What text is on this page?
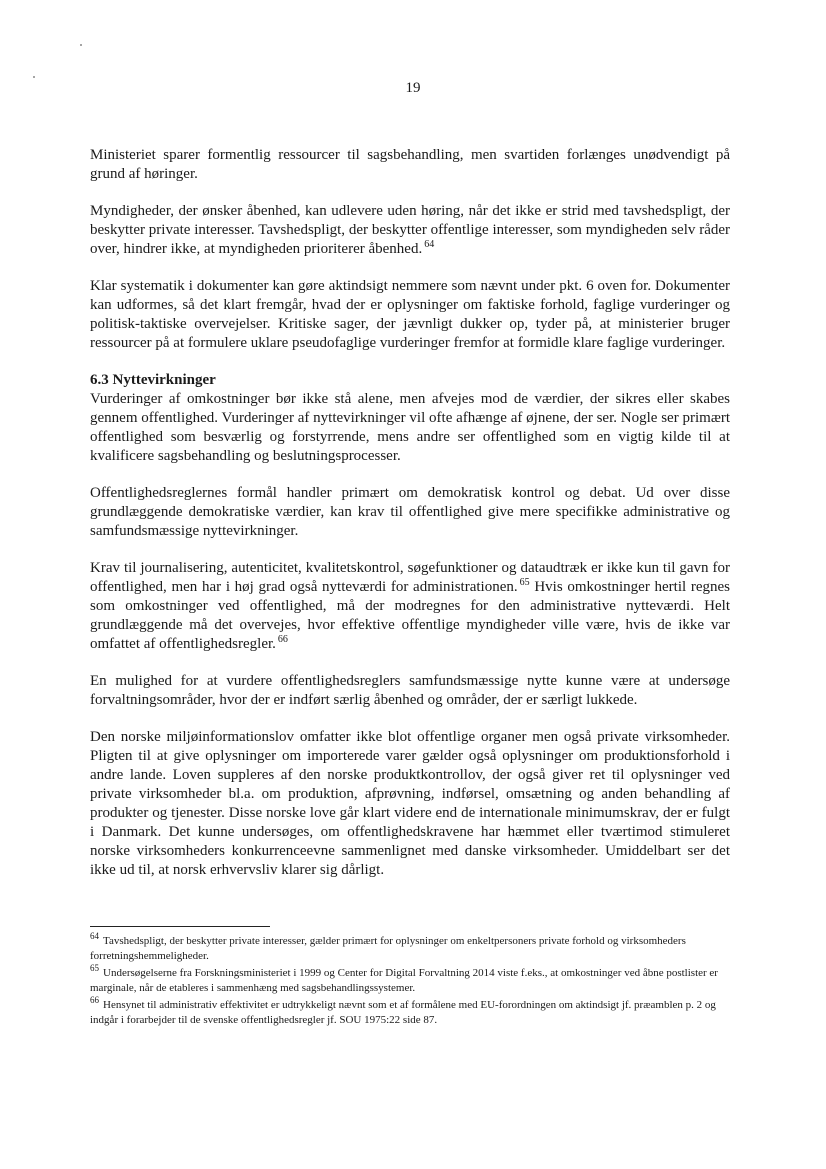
19

Ministeriet sparer formentlig ressourcer til sagsbehandling, men svartiden forlænges unødvendigt på grund af høringer.

Myndigheder, der ønsker åbenhed, kan udlevere uden høring, når det ikke er strid med tavshedspligt, der beskytter private interesser. Tavshedspligt, der beskytter offentlige interesser, som myndigheden selv råder over, hindrer ikke, at myndigheden prioriterer åbenhed. $^{64}$

Klar systematik i dokumenter kan gøre aktindsigt nemmere som nævnt under pkt. 6 oven for. Dokumenter kan udformes, så det klart fremgår, hvad der er oplysninger om faktiske forhold, faglige vurderinger og politisk-taktiske overvejelser. Kritiske sager, der jævnligt dukker op, tyder på, at ministerier bruger ressourcer på at formulere uklare pseudofaglige vurderinger fremfor at formidle klare faglige vurderinger.

6.3 Nyttevirkninger
Vurderinger af omkostninger bør ikke stå alene, men afvejes mod de værdier, der sikres eller skabes gennem offentlighed. Vurderinger af nyttevirkninger vil ofte afhænge af øjnene, der ser. Nogle ser primært offentlighed som besværlig og forstyrrende, mens andre ser offentlighed som en vigtig kilde til at kvalificere sagsbehandling og beslutningsprocesser.

Offentlighedsreglernes formål handler primært om demokratisk kontrol og debat. Ud over disse grundlæggende demokratiske værdier, kan krav til offentlighed give mere specifikke administrative og samfundsmæssige nyttevirkninger.

Krav til journalisering, autenticitet, kvalitetskontrol, søgefunktioner og dataudtræk er ikke kun til gavn for offentlighed, men har i høj grad også nytteværdi for administrationen. $^{65}$ Hvis omkostninger hertil regnes som omkostninger ved offentlighed, må der modregnes for den administrative nytteværdi. Helt grundlæggende må det overvejes, hvor effektive offentlige myndigheder ville være, hvis de ikke var omfattet af offentlighedsregler. $^{66}$

En mulighed for at vurdere offentlighedsreglers samfundsmæssige nytte kunne være at undersøge forvaltningsområder, hvor der er indført særlig åbenhed og områder, der er særligt lukkede.

Den norske miljøinformationslov omfatter ikke blot offentlige organer men også private virksomheder. Pligten til at give oplysninger om importerede varer gælder også oplysninger om produktionsforhold i andre lande. Loven suppleres af den norske produktkontrollov, der også giver ret til oplysninger ved private virksomheder bl.a. om produktion, afprøvning, indførsel, omsætning og anden behandling af produkter og tjenester. Disse norske love går klart videre end de internationale minimumskrav, der er fulgt i Danmark. Det kunne undersøges, om offentlighedskravene har hæmmet eller tværtimod stimuleret norske virksomheders konkurrenceevne sammenlignet med danske virksomheder. Umiddelbart ser det ikke ud til, at norsk erhvervsliv klarer sig dårligt.

$^{64}$ Tavshedspligt, der beskytter private interesser, gælder primært for oplysninger om enkeltpersoners private forhold og virksomheders forretningshemmeligheder.
$^{65}$ Undersøgelserne fra Forskningsministeriet i 1999 og Center for Digital Forvaltning 2014 viste f.eks., at omkostninger ved åbne postlister er marginale, når de etableres i sammenhæng med sagsbehandlingssystemer.
$^{66}$ Hensynet til administrativ effektivitet er udtrykkeligt nævnt som et af formålene med EU-forordningen om aktindsigt jf. præamblen p. 2 og indgår i forarbejder til de svenske offentlighedsregler jf. SOU 1975:22 side 87.
